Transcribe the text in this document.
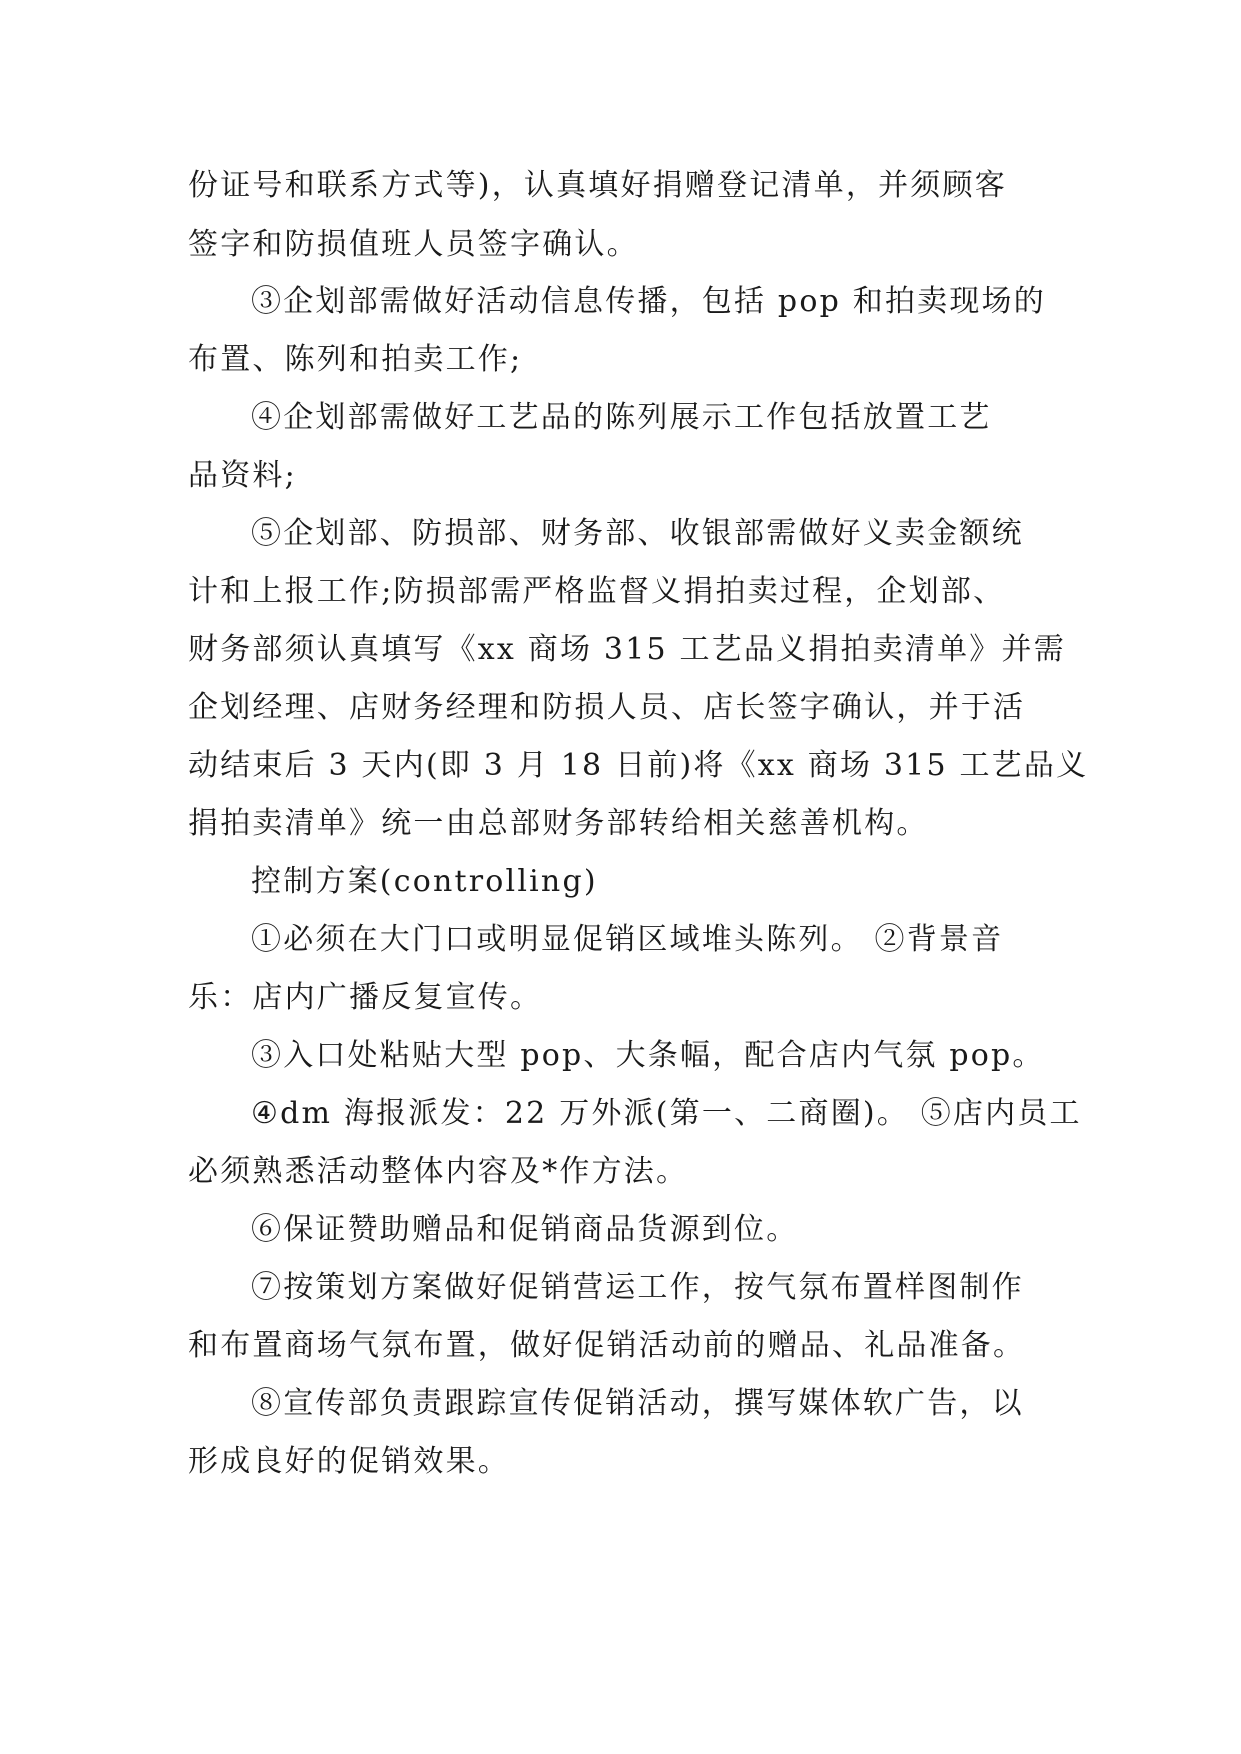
份证号和联系方式等)，认真填好捐赠登记清单，并须顾客
签字和防损值班人员签字确认。
③企划部需做好活动信息传播，包括 pop 和拍卖现场的
布置、陈列和拍卖工作;
④企划部需做好工艺品的陈列展示工作包括放置工艺
品资料;
⑤企划部、防损部、财务部、收银部需做好义卖金额统
计和上报工作;防损部需严格监督义捐拍卖过程，企划部、
财务部须认真填写《xx 商场 315 工艺品义捐拍卖清单》并需
企划经理、店财务经理和防损人员、店长签字确认，并于活
动结束后 3 天内(即 3 月 18 日前)将《xx 商场 315 工艺品义
捐拍卖清单》统一由总部财务部转给相关慈善机构。
控制方案(controlling)
①必须在大门口或明显促销区域堆头陈列。 ②背景音
乐：店内广播反复宣传。
③入口处粘贴大型 pop、大条幅，配合店内气氛 pop。
④dm 海报派发：22 万外派(第一、二商圈)。 ⑤店内员工
必须熟悉活动整体内容及*作方法。
⑥保证赞助赠品和促销商品货源到位。
⑦按策划方案做好促销营运工作，按气氛布置样图制作
和布置商场气氛布置，做好促销活动前的赠品、礼品准备。
⑧宣传部负责跟踪宣传促销活动，撰写媒体软广告，以
形成良好的促销效果。
